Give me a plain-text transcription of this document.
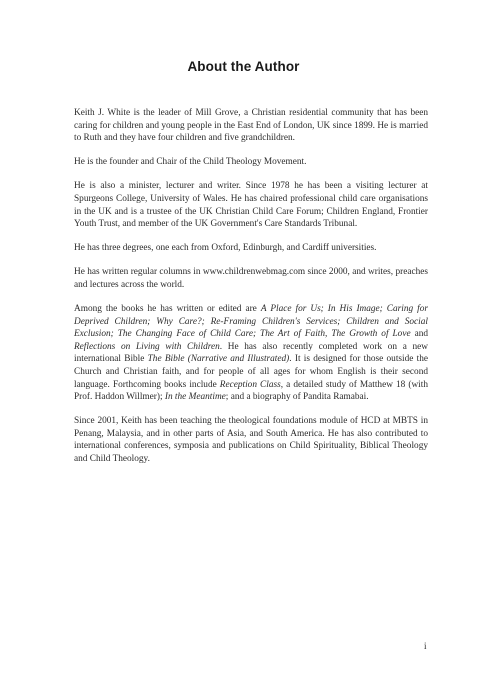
About the Author

Keith J. White is the leader of Mill Grove, a Christian residential community that has been caring for children and young people in the East End of London, UK since 1899. He is married to Ruth and they have four children and five grandchildren.

He is the founder and Chair of the Child Theology Movement.

He is also a minister, lecturer and writer. Since 1978 he has been a visiting lecturer at Spurgeons College, University of Wales. He has chaired professional child care organisations in the UK and is a trustee of the UK Christian Child Care Forum; Children England, Frontier Youth Trust, and member of the UK Government's Care Standards Tribunal.

He has three degrees, one each from Oxford, Edinburgh, and Cardiff universities.

He has written regular columns in www.childrenwebmag.com since 2000, and writes, preaches and lectures across the world.

Among the books he has written or edited are A Place for Us; In His Image; Caring for Deprived Children; Why Care?; Re-Framing Children's Services; Children and Social Exclusion; The Changing Face of Child Care; The Art of Faith, The Growth of Love and Reflections on Living with Children. He has also recently completed work on a new international Bible The Bible (Narrative and Illustrated). It is designed for those outside the Church and Christian faith, and for people of all ages for whom English is their second language. Forthcoming books include Reception Class, a detailed study of Matthew 18 (with Prof. Haddon Willmer); In the Meantime; and a biography of Pandita Ramabai.

Since 2001, Keith has been teaching the theological foundations module of HCD at MBTS in Penang, Malaysia, and in other parts of Asia, and South America. He has also contributed to international conferences, symposia and publications on Child Spirituality, Biblical Theology and Child Theology.

i
